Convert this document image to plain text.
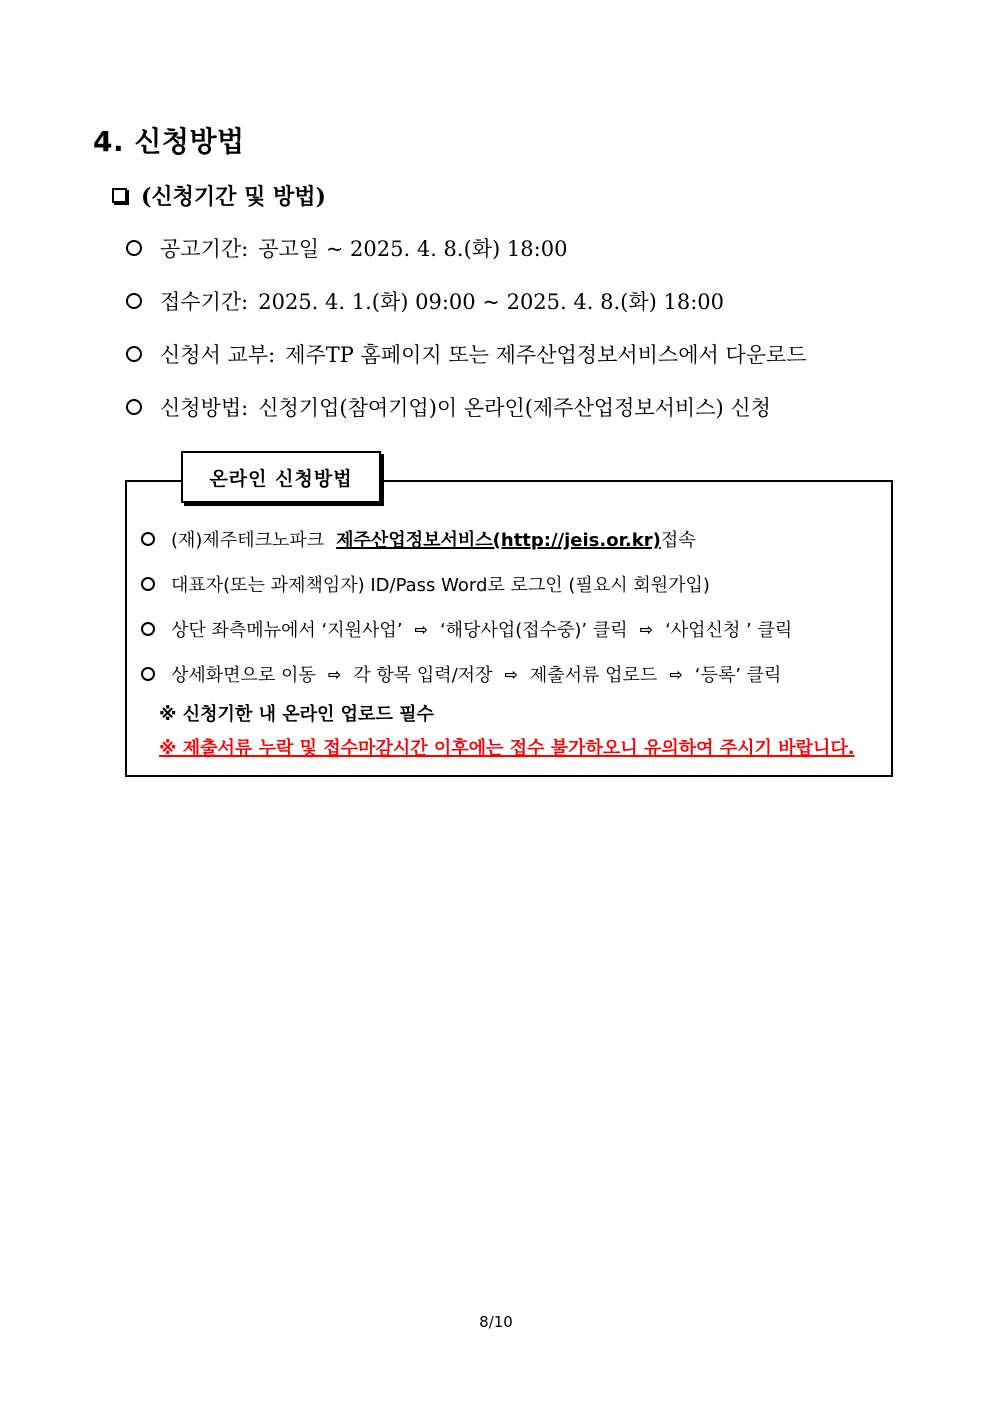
4. 신청방법
(신청기간 및 방법)
공고기간: 공고일 ~ 2025. 4. 8.(화) 18:00
접수기간: 2025. 4. 1.(화) 09:00 ~ 2025. 4. 8.(화) 18:00
신청서 교부: 제주TP 홈페이지 또는 제주산업정보서비스에서 다운로드
신청방법: 신청기업(참여기업)이 온라인(제주산업정보서비스) 신청
온라인 신청방법
(재)제주테크노파크 제주산업정보서비스(http://jeis.or.kr) 접속
대표자(또는 과제책임자) ID/Pass Word로 로그인 (필요시 회원가입)
상단 좌측메뉴에서 ‘지원사업’ ⇨ ‘해당사업(접수중)’ 클릭 ⇨ ‘사업신청 ’ 클릭
상세화면으로 이동 ⇨ 각 항목 입력/저장 ⇨ 제출서류 업로드 ⇨ ‘등록’ 클릭
※ 신청기한 내 온라인 업로드 필수
※ 제출서류 누락 및 접수마감시간 이후에는 접수 불가하오니 유의하여 주시기 바랍니다.
8/10
